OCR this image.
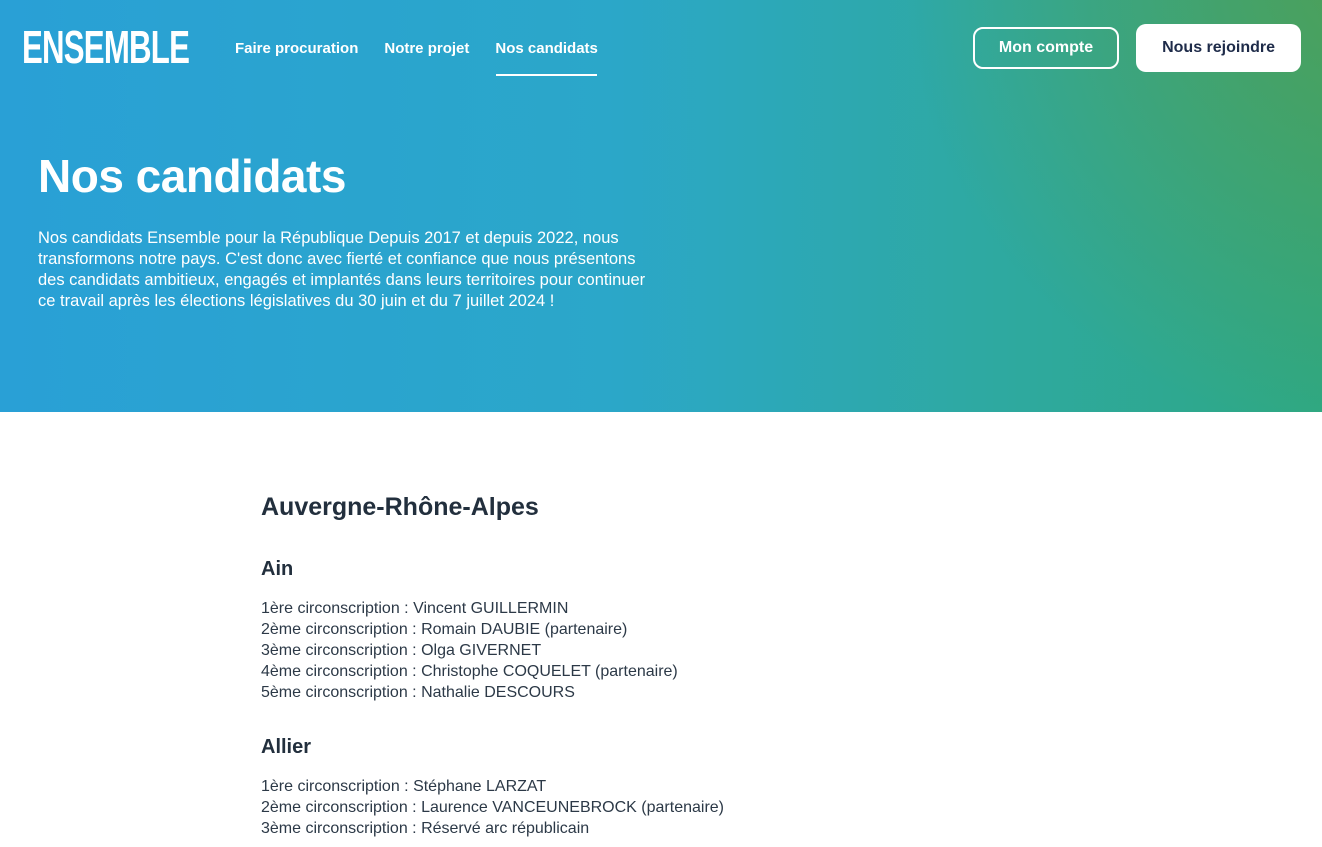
ENSEMBLE	Faire procuration Notre projet Nos candidats	Mon compte	Nous rejoindre
Nos candidats

Nos candidats Ensemble pour la République Depuis 2017 et depuis 2022, nous transformons notre pays. C'est donc avec fierté et confiance que nous présentons des candidats ambitieux, engagés et implantés dans leurs territoires pour continuer ce travail après les élections législatives du 30 juin et du 7 juillet 2024 !

Auvergne-Rhône-Alpes
Ain

1ère circonscription : Vincent GUILLERMIN

2ème circonscription : Romain DAUBIE (partenaire)

3ème circonscription : Olga GIVERNET

4ème circonscription : Christophe COQUELET (partenaire)

5ème circonscription : Nathalie DESCOURS

Allier

1ère circonscription : Stéphane LARZAT

2ème circonscription : Laurence VANCEUNEBROCK (partenaire)

3ème circonscription : Réservé arc républicain
